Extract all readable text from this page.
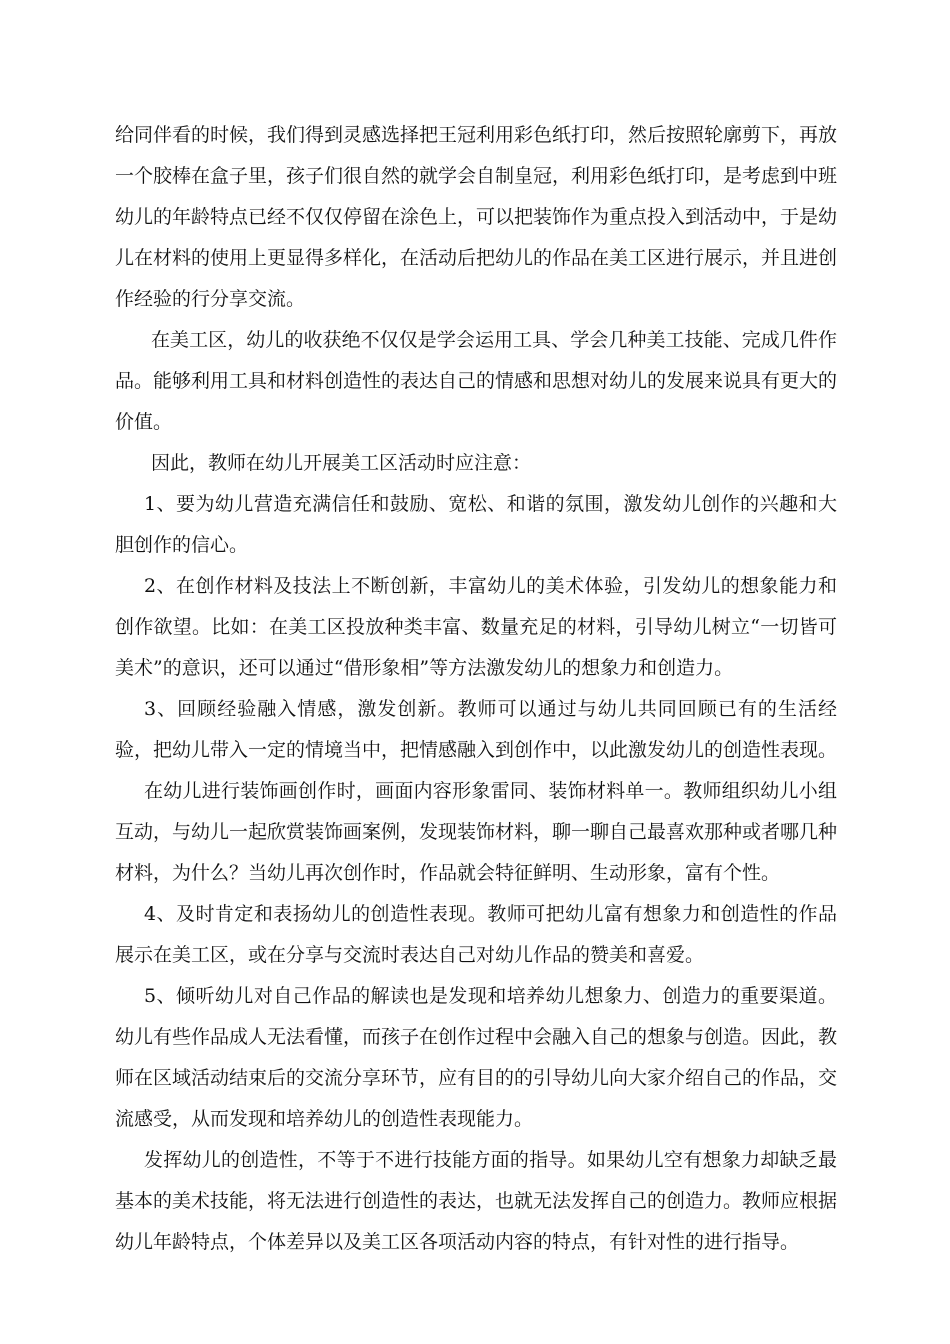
给同伴看的时候，我们得到灵感选择把王冠利用彩色纸打印，然后按照轮廓剪下，再放一个胶棒在盒子里，孩子们很自然的就学会自制皇冠，利用彩色纸打印，是考虑到中班幼儿的年龄特点已经不仅仅停留在涂色上，可以把装饰作为重点投入到活动中，于是幼儿在材料的使用上更显得多样化，在活动后把幼儿的作品在美工区进行展示，并且进创作经验的行分享交流。

在美工区，幼儿的收获绝不仅仅是学会运用工具、学会几种美工技能、完成几件作品。能够利用工具和材料创造性的表达自己的情感和思想对幼儿的发展来说具有更大的价值。

因此，教师在幼儿开展美工区活动时应注意：

1、要为幼儿营造充满信任和鼓励、宽松、和谐的氛围，激发幼儿创作的兴趣和大胆创作的信心。

2、在创作材料及技法上不断创新，丰富幼儿的美术体验，引发幼儿的想象能力和创作欲望。比如：在美工区投放种类丰富、数量充足的材料，引导幼儿树立“一切皆可美术”的意识，还可以通过“借形象相”等方法激发幼儿的想象力和创造力。

3、回顾经验融入情感，激发创新。教师可以通过与幼儿共同回顾已有的生活经验，把幼儿带入一定的情境当中，把情感融入到创作中，以此激发幼儿的创造性表现。

在幼儿进行装饰画创作时，画面内容形象雷同、装饰材料单一。教师组织幼儿小组互动，与幼儿一起欣赏装饰画案例，发现装饰材料，聊一聊自己最喜欢那种或者哪几种材料，为什么？当幼儿再次创作时，作品就会特征鲜明、生动形象，富有个性。

4、及时肯定和表扬幼儿的创造性表现。教师可把幼儿富有想象力和创造性的作品展示在美工区，或在分享与交流时表达自己对幼儿作品的赞美和喜爱。

5、倾听幼儿对自己作品的解读也是发现和培养幼儿想象力、创造力的重要渠道。幼儿有些作品成人无法看懂，而孩子在创作过程中会融入自己的想象与创造。因此，教师在区域活动结束后的交流分享环节，应有目的的引导幼儿向大家介绍自己的作品，交流感受，从而发现和培养幼儿的创造性表现能力。

发挥幼儿的创造性，不等于不进行技能方面的指导。如果幼儿空有想象力却缺乏最基本的美术技能，将无法进行创造性的表达，也就无法发挥自己的创造力。教师应根据幼儿年龄特点，个体差异以及美工区各项活动内容的特点，有针对性的进行指导。
